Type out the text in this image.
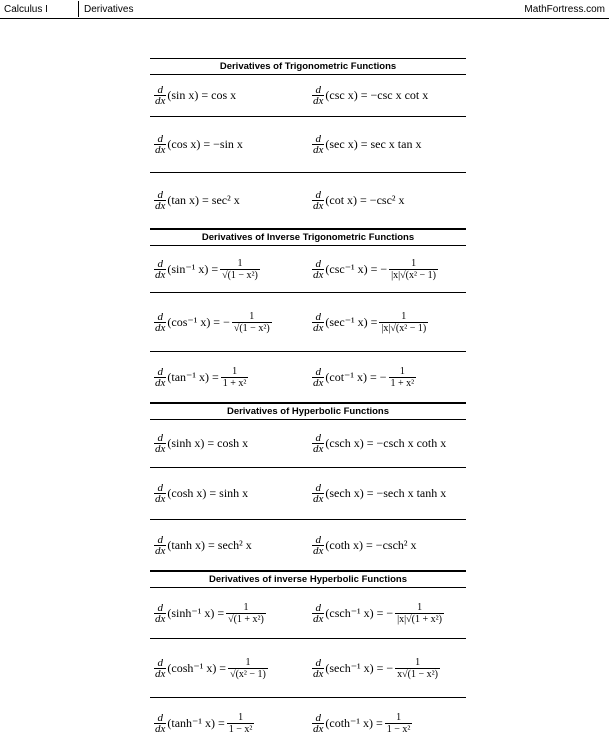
Calculus I	Derivatives	MathFortress.com
Derivatives of Trigonometric Functions
$\frac{d}{dx} (\sin$ x) = cos x	$\frac{d}{dx} (\csc$ x) = −csc x cot x
$\frac{d}{dx} (\cos$ x) = −sin x	$\frac{d}{dx} (\sec$ x) = sec x tan x
$\frac{d}{dx} (\tan$ x) = sec² x	$\frac{d}{dx} (\cot$ x) = −csc² x
Derivatives of Inverse Trigonometric Functions
$\frac{d}{dx} (\sin^{-1}$ $x) = \frac{1}{\text{√(1 − x²)}}$	$\frac{d}{dx} (\csc^{-1}$ x) = − $\frac{1}{\text{|x|√(x² − 1)}}$
$\frac{d}{dx} (\cos^{-1}$ x) = − $\frac{1}{\text{√(1 − x²)}}$	$\frac{d}{dx} (\sec^{-1}$ $x) = \frac{1}{\text{|x|√(x² − 1)}}$
$\frac{d}{dx} (\tan^{-1}$ $x) = \frac{1}{\text{1 + x²}}$	$\frac{d}{dx} (\cot^{-1}$ x) = − $\frac{1}{\text{1 + x²}}$
Derivatives of Hyperbolic Functions
$\frac{d}{dx} (\sinh$ x) = cosh x	$\frac{d}{dx} (\csc h$ x) = −csch x coth x
$\frac{d}{dx} (\cosh$ x) = sinh x	$\frac{d}{dx} (\sec h$ x) = −sech x tanh x
$\frac{d}{dx} (\tanh$ x) = sech² x	$\frac{d}{dx} (\cot h$ x) = −csch² x
Derivatives of inverse Hyperbolic Functions
$\frac{d}{dx} (\sinh^{-1}$ $x) = \frac{1}{\text{√(1 + x²)}}$	$\frac{d}{dx} (\csc h^{-1}$ x) = − $\frac{1}{\text{|x|√(1 + x²)}}$
$\frac{d}{dx} (\cosh^{-1}$ $x) = \frac{1}{\text{√(x² − 1)}}$	$\frac{d}{dx} (\sec h^{-1}$ x) = − $\frac{1}{\text{x√(1 − x²)}}$
$\frac{d}{dx} (\tanh^{-1}$ $x) = \frac{1}{\text{1 − x²}}$	$\frac{d}{dx} (\cot h^{-1}$ $x) = \frac{1}{\text{1 − x²}}$
